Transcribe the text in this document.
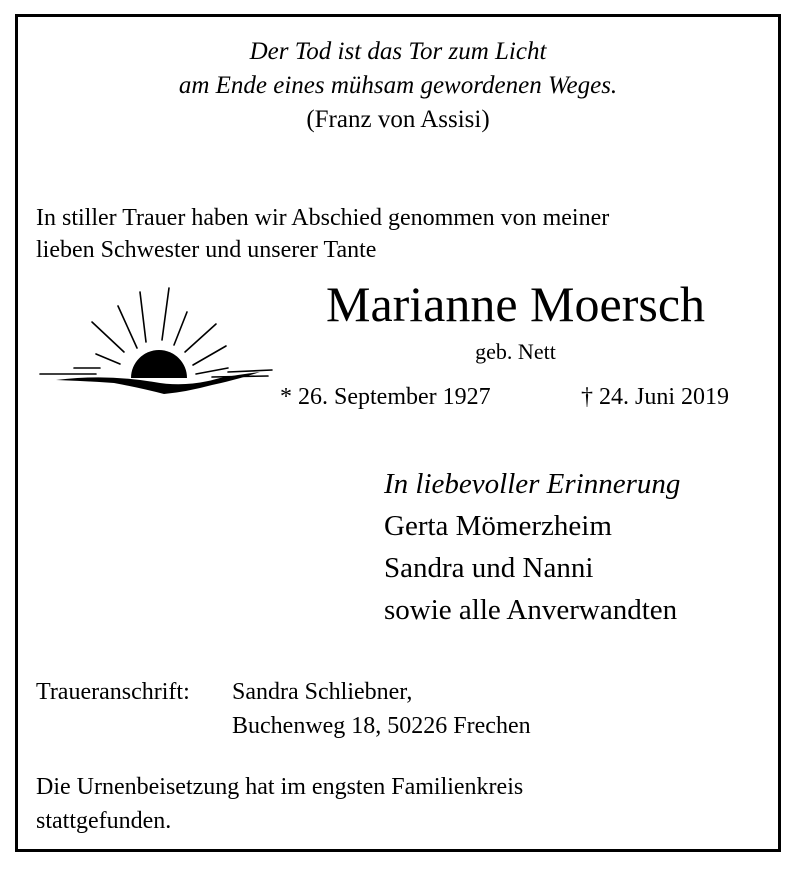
Der Tod ist das Tor zum Licht
am Ende eines mühsam gewordenen Weges.
(Franz von Assisi)
In stiller Trauer haben wir Abschied genommen von meiner
lieben Schwester und unserer Tante
Marianne Moersch
geb. Nett
* 26. September 1927	† 24. Juni 2019
In liebevoller Erinnerung
Gerta Mömerzheim
Sandra und Nanni
sowie alle Anverwandten
Traueranschrift:	Sandra Schliebner,
Buchenweg 18, 50226 Frechen
Die Urnenbeisetzung hat im engsten Familienkreis
stattgefunden.
